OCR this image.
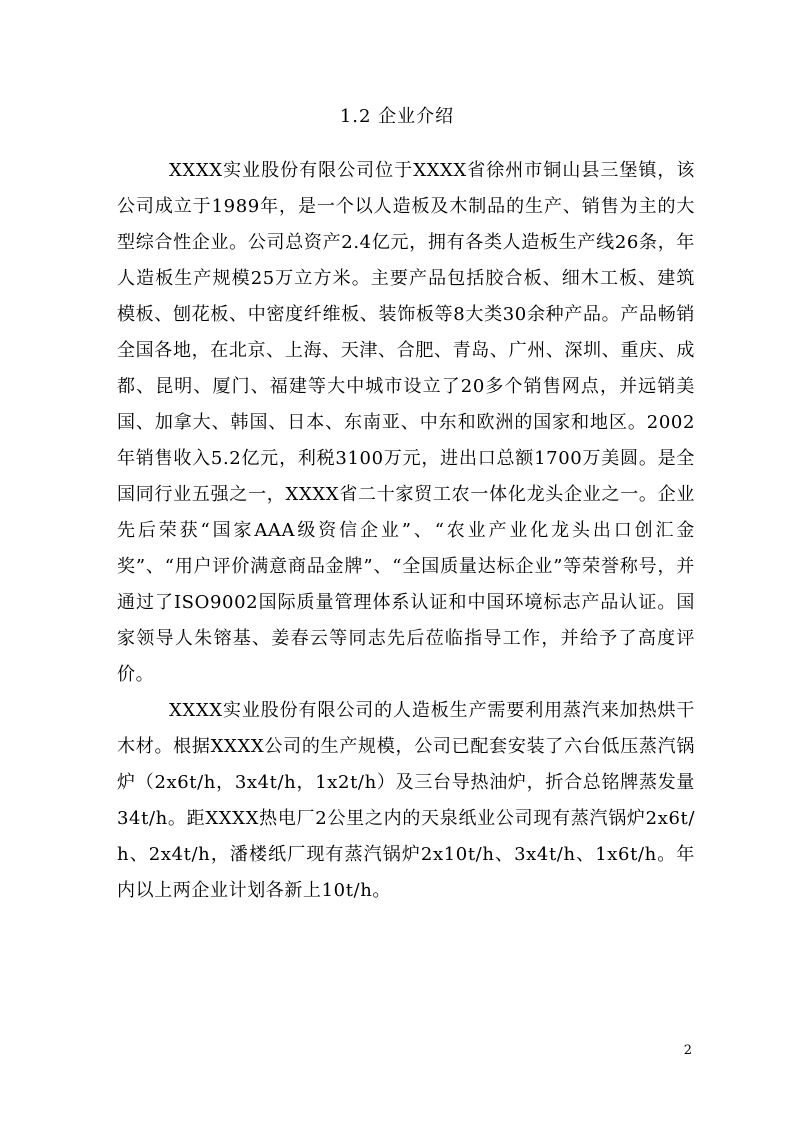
1.2 企业介绍

XXXX实业股份有限公司位于XXXX省徐州市铜山县三堡镇，该公司成立于1989年，是一个以人造板及木制品的生产、销售为主的大型综合性企业。公司总资产2.4亿元，拥有各类人造板生产线26条，年人造板生产规模25万立方米。主要产品包括胶合板、细木工板、建筑模板、刨花板、中密度纤维板、装饰板等8大类30余种产品。产品畅销全国各地，在北京、上海、天津、合肥、青岛、广州、深圳、重庆、成都、昆明、厦门、福建等大中城市设立了20多个销售网点，并远销美国、加拿大、韩国、日本、东南亚、中东和欧洲的国家和地区。2002年销售收入5.2亿元，利税3100万元，进出口总额1700万美圆。是全国同行业五强之一，XXXX省二十家贸工农一体化龙头企业之一。企业先后荣获“国家AAA级资信企业”、“农业产业化龙头出口创汇金奖”、“用户评价满意商品金牌”、“全国质量达标企业”等荣誉称号，并通过了ISO9002国际质量管理体系认证和中国环境标志产品认证。国家领导人朱镕基、姜春云等同志先后莅临指导工作，并给予了高度评价。

XXXX实业股份有限公司的人造板生产需要利用蒸汽来加热烘干木材。根据XXXX公司的生产规模，公司已配套安装了六台低压蒸汽锅炉（2x6t/h，3x4t/h，1x2t/h）及三台导热油炉，折合总铭牌蒸发量34t/h。距XXXX热电厂2公里之内的天泉纸业公司现有蒸汽锅炉2x6t/h、2x4t/h，潘楼纸厂现有蒸汽锅炉2x10t/h、3x4t/h、1x6t/h。年内以上两企业计划各新上10t/h。

2
